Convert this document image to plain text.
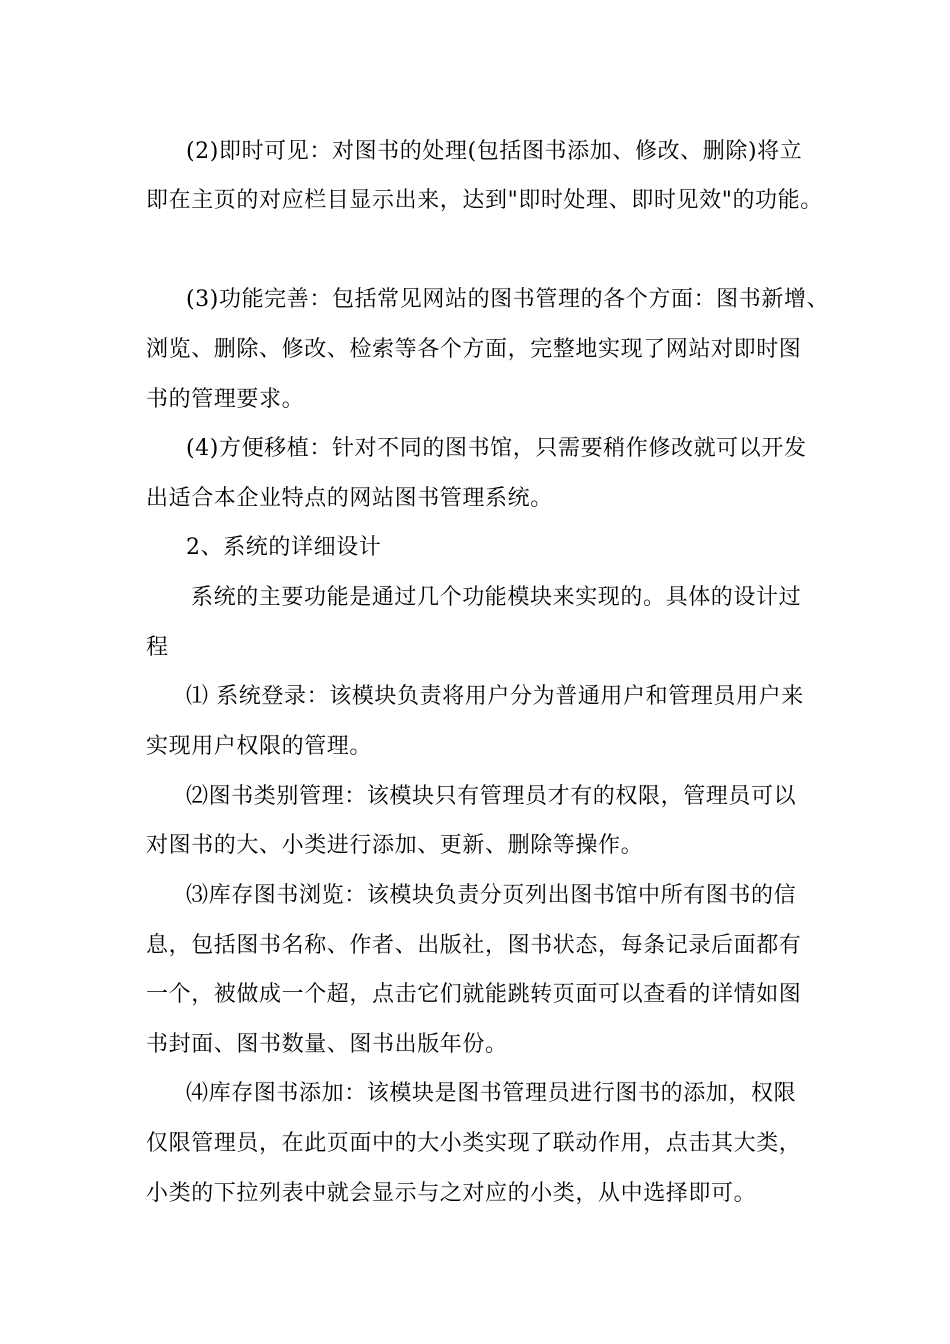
(2)即时可见：对图书的处理(包括图书添加、修改、删除)将立
即在主页的对应栏目显示出来，达到"即时处理、即时见效"的功能。
(3)功能完善：包括常见网站的图书管理的各个方面：图书新增、
浏览、删除、修改、检索等各个方面，完整地实现了网站对即时图
书的管理要求。
(4)方便移植：针对不同的图书馆，只需要稍作修改就可以开发
出适合本企业特点的网站图书管理系统。
2、系统的详细设计
系统的主要功能是通过几个功能模块来实现的。具体的设计过
程
⑴ 系统登录：该模块负责将用户分为普通用户和管理员用户来
实现用户权限的管理。
⑵图书类别管理：该模块只有管理员才有的权限，管理员可以
对图书的大、小类进行添加、更新、删除等操作。
⑶库存图书浏览：该模块负责分页列出图书馆中所有图书的信
息，包括图书名称、作者、出版社，图书状态，每条记录后面都有
一个，被做成一个超，点击它们就能跳转页面可以查看的详情如图
书封面、图书数量、图书出版年份。
⑷库存图书添加：该模块是图书管理员进行图书的添加，权限
仅限管理员，在此页面中的大小类实现了联动作用，点击其大类，
小类的下拉列表中就会显示与之对应的小类，从中选择即可。
